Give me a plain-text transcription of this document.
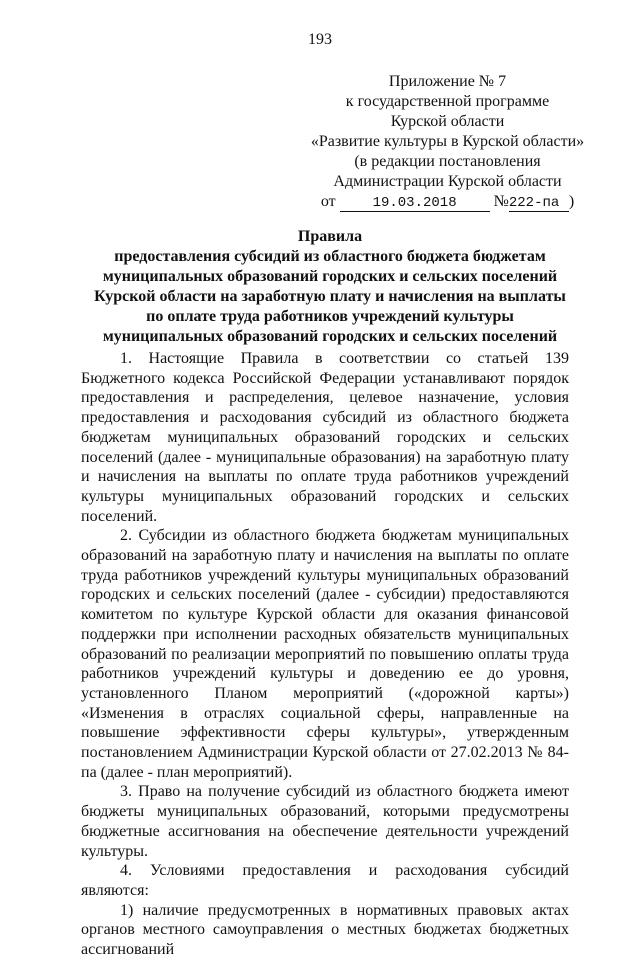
193
Приложение № 7
к государственной программе
Курской области
«Развитие культуры в Курской области»
(в редакции постановления
Администрации Курской области
от	19.03.2018 №222-па )
Правила
предоставления субсидий из областного бюджета бюджетам
муниципальных образований городских и сельских поселений
Курской области на заработную плату и начисления на выплаты
по оплате труда работников учреждений культуры
муниципальных образований городских и сельских поселений

1. Настоящие Правила в соответствии со статьей 139 Бюджетного кодекса Российской Федерации устанавливают порядок предоставления и распределения, целевое назначение, условия предоставления и расходования субсидий из областного бюджета бюджетам муниципальных образований городских и сельских поселений (далее - муниципальные образования) на заработную плату и начисления на выплаты по оплате труда работников учреждений культуры муниципальных образований городских и сельских поселений.

2. Субсидии из областного бюджета бюджетам муниципальных образований на заработную плату и начисления на выплаты по оплате труда работников учреждений культуры муниципальных образований городских и сельских поселений (далее - субсидии) предоставляются комитетом по культуре Курской области для оказания финансовой поддержки при исполнении расходных обязательств муниципальных образований по реализации мероприятий по повышению оплаты труда работников учреждений культуры и доведению ее до уровня, установленного Планом мероприятий («дорожной карты») «Изменения в отраслях социальной сферы, направленные на повышение эффективности сферы культуры», утвержденным постановлением Администрации Курской области от 27.02.2013 № 84-па (далее - план мероприятий).

3. Право на получение субсидий из областного бюджета имеют бюджеты муниципальных образований, которыми предусмотрены бюджетные ассигнования на обеспечение деятельности учреждений культуры.

4. Условиями предоставления и расходования субсидий являются:

1) наличие предусмотренных в нормативных правовых актах органов местного самоуправления о местных бюджетах бюджетных ассигнований
